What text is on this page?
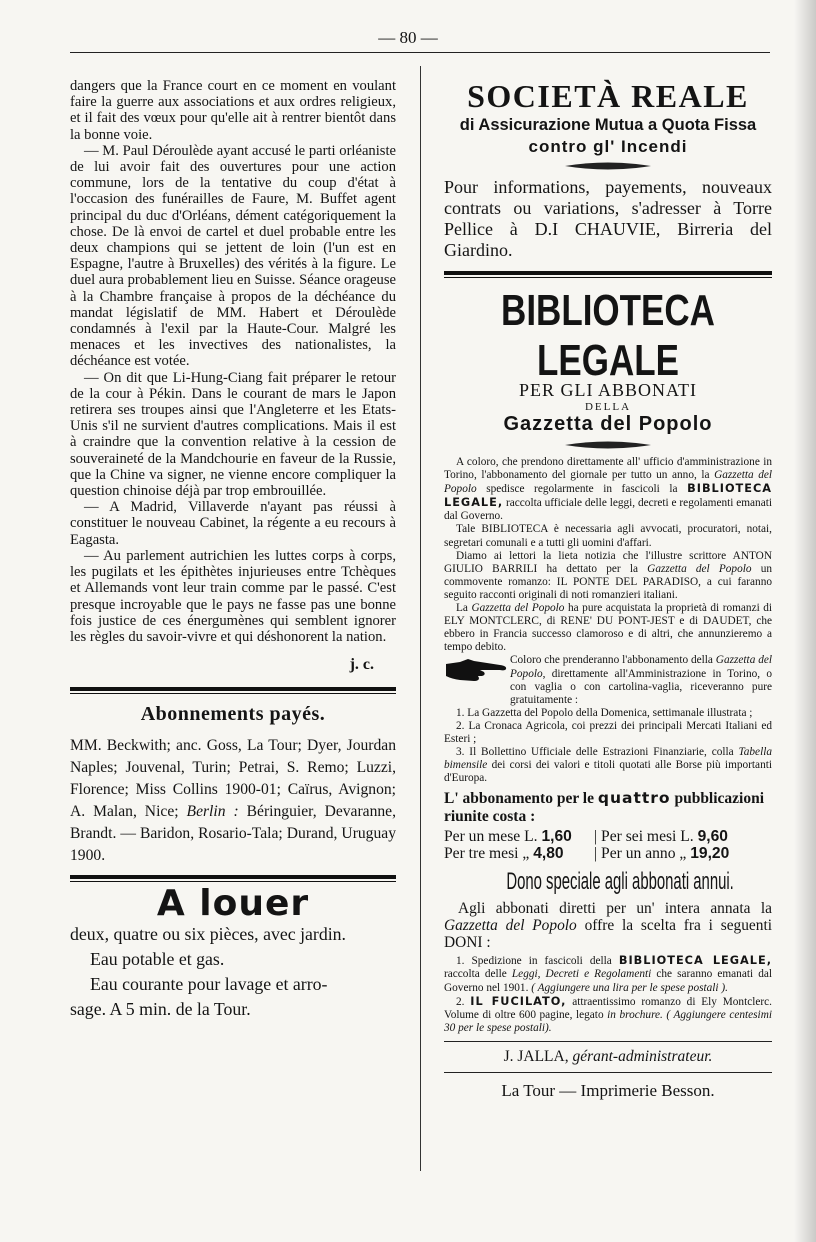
— 80 —

dangers que la France court en ce moment en voulant faire la guerre aux associations et aux ordres religieux, et il fait des vœux pour qu'elle ait à rentrer bientôt dans la bonne voie.

— M. Paul Déroulède ayant accusé le parti orléaniste de lui avoir fait des ouvertures pour une action commune, lors de la tentative du coup d'état à l'occasion des funérailles de Faure, M. Buffet agent principal du duc d'Orléans, dément catégoriquement la chose. De là envoi de cartel et duel probable entre les deux champions qui se jettent de loin (l'un est en Espagne, l'autre à Bruxelles) des vérités à la figure. Le duel aura probablement lieu en Suisse. Séance orageuse à la Chambre française à propos de la déchéance du mandat législatif de MM. Habert et Déroulède condamnés à l'exil par la Haute-Cour. Malgré les menaces et les invectives des nationalistes, la déchéance est votée.

— On dit que Li-Hung-Ciang fait préparer le retour de la cour à Pékin. Dans le courant de mars le Japon retirera ses troupes ainsi que l'Angleterre et les Etats-Unis s'il ne survient d'autres complications. Mais il est à craindre que la convention relative à la cession de souveraineté de la Mandchourie en faveur de la Russie, que la Chine va signer, ne vienne encore compliquer la question chinoise déjà par trop embrouillée.

— A Madrid, Villaverde n'ayant pas réussi à constituer le nouveau Cabinet, la régente a eu recours à Eagasta.

— Au parlement autrichien les luttes corps à corps, les pugilats et les épithètes injurieuses entre Tchèques et Allemands vont leur train comme par le passé. C'est presque incroyable que le pays ne fasse pas une bonne fois justice de ces énergumènes qui semblent ignorer les règles du savoir-vivre et qui déshonorent la nation.

j. c.
Abonnements payés.
MM. Beckwith; anc. Goss, La Tour; Dyer, Jourdan Naples; Jouvenal, Turin; Petrai, S. Remo; Luzzi, Florence; Miss Collins 1900-01; Caïrus, Avignon; A. Malan, Nice; Berlin : Béringuier, Devaranne, Brandt. — Baridon, Rosario-Tala; Durand, Uruguay 1900.
A louer
deux, quatre ou six pièces, avec jardin.
Eau potable et gas.
Eau courante pour lavage et arro-
sage. A 5 min. de la Tour.
SOCIETÀ REALE
di Assicurazione Mutua a Quota Fissa
contro gl' Incendi
Pour informations, payements, nouveaux contrats ou variations, s'adresser à Torre Pellice à D.I CHAUVIE, Birreria del Giardino.
BIBLIOTECA LEGALE
PER GLI ABBONATI
DELLA
Gazzetta del Popolo

A coloro, che prendono direttamente all' ufficio d'amministrazione in Torino, l'abbonamento del giornale per tutto un anno, la Gazzetta del Popolo spedisce regolarmente in fascicoli la BIBLIOTECA LEGALE, raccolta ufficiale delle leggi, decreti e regolamenti emanati dal Governo.

Tale BIBLIOTECA è necessaria agli avvocati, procuratori, notai, segretari comunali e a tutti gli uomini d'affari.

Diamo ai lettori la lieta notizia che l'illustre scrittore ANTON GIULIO BARRILI ha dettato per la Gazzetta del Popolo un commovente romanzo: IL PONTE DEL PARADISO, a cui faranno seguito racconti originali di noti romanzieri italiani.

La Gazzetta del Popolo ha pure acquistata la proprietà di romanzi di ELY MONTCLERC, di RENE' DU PONT-JEST e di DAUDET, che ebbero in Francia successo clamoroso e di altri, che annunzieremo a tempo debito.

Coloro che prenderanno l'abbonamento della Gazzetta del Popolo, direttamente all'Amministrazione in Torino, o con vaglia o con cartolina-vaglia, riceveranno pure gratuitamente :

1. La Gazzetta del Popolo della Domenica, settimanale illustrata ;

2. La Cronaca Agricola, coi prezzi dei principali Mercati Italiani ed Esteri ;

3. Il Bollettino Ufficiale delle Estrazioni Finanziarie, colla Tabella bimensile dei corsi dei valori e titoli quotati alle Borse più importanti d'Europa.

L' abbonamento per le quattro pubblicazioni riunite costa :
Per un mese L. 1,60	| Per sei mesi L. 9,60
Per tre mesi „ 4,80	| Per un anno „ 19,20
Dono speciale agli abbonati annui.
Agli abbonati diretti per un' intera annata la Gazzetta del Popolo offre la scelta fra i seguenti DONI :

1. Spedizione in fascicoli della BIBLIOTECA LEGALE, raccolta delle Leggi, Decreti e Regolamenti che saranno emanati dal Governo nel 1901. ( Aggiungere una lira per le spese postali ).

2. IL FUCILATO, attraentissimo romanzo di Ely Montclerc. Volume di oltre 600 pagine, legato in brochure. ( Aggiungere centesimi 30 per le spese postali).

J. JALLA, gérant-administrateur.
La Tour — Imprimerie Besson.
